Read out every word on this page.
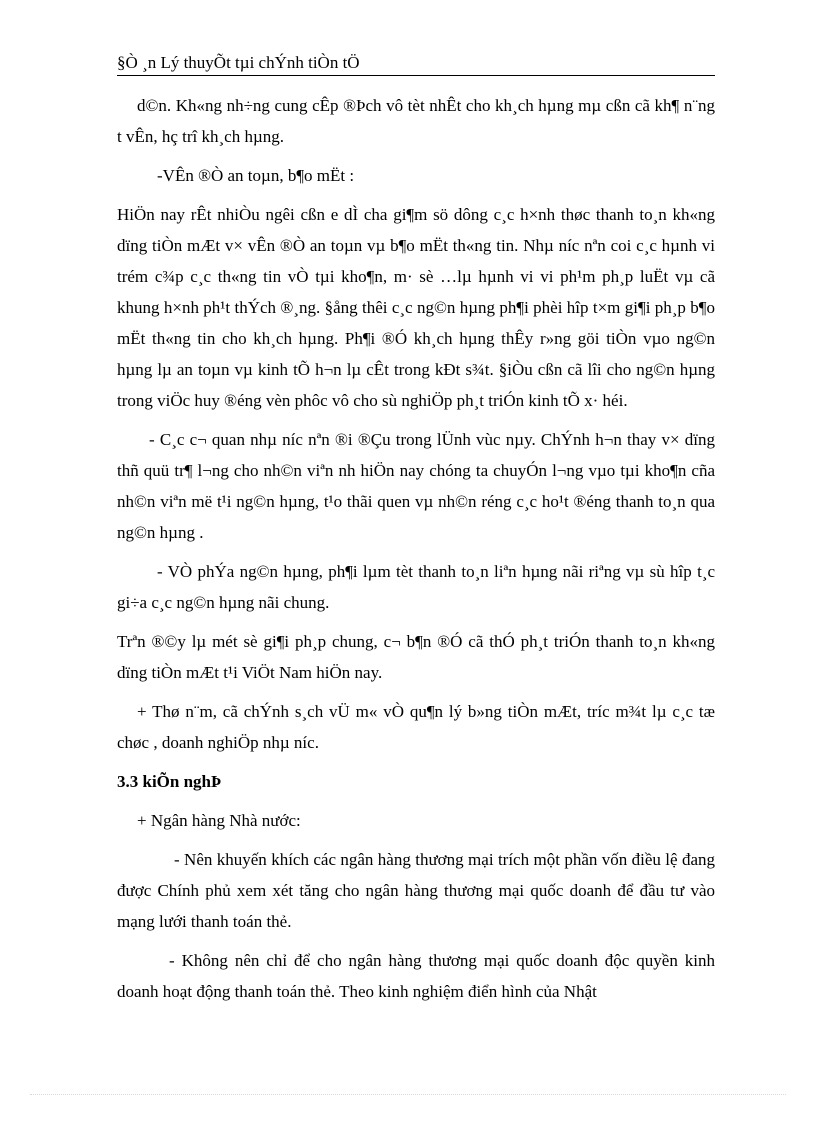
§Ò ¸n Lý thuyÕt tµi chÝnh tiÒn tÖ

d©n. Kh«ng nh÷ng cung cÊp ®Þch vô tèt nhÊt cho kh¸ch hµng mµ cßn cã kh¶ n¨ng t vÊn, hç trî kh¸ch hµng.

-VÊn ®Ò an toµn, b¶o mËt :

HiÖn nay rÊt nhiÒu ngêi cßn e dÌ cha gi¶m sö dông c¸c h×nh thøc thanh to¸n kh«ng dïng tiÒn mÆt v× vÊn ®Ò an toµn vµ b¶o mËt th«ng tin. Nhµ níc nªn coi c¸c hµnh vi trém c¾p c¸c th«ng tin vÒ tµi kho¶n, m· sè …lµ hµnh vi vi ph¹m ph¸p luËt vµ cã khung h×nh ph¹t thÝch ®¸ng. §ång thêi c¸c ng©n hµng ph¶i phèi hîp t×m gi¶i ph¸p b¶o mËt th«ng tin cho kh¸ch hµng. Ph¶i ®Ó kh¸ch hµng thÊy r»ng göi tiÒn vµo ng©n hµng lµ an toµn vµ kinh tÕ h¬n lµ cÊt trong kÐt s¾t. §iÒu cßn cã lîi cho ng©n hµng trong viÖc huy ®éng vèn phôc vô cho sù nghiÖp ph¸t triÓn kinh tÕ x· héi.

- C¸c c¬ quan nhµ níc nªn ®i ®Çu trong lÜnh vùc nµy. ChÝnh h¬n thay v× dïng thñ quü tr¶ l¬ng cho nh©n viªn nh hiÖn nay chóng ta chuyÓn l¬ng vµo tµi kho¶n cña nh©n viªn më t¹i ng©n hµng, t¹o thãi quen vµ nh©n réng c¸c ho¹t ®éng thanh to¸n qua ng©n hµng .

- VÒ phÝa ng©n hµng, ph¶i lµm tèt thanh to¸n liªn hµng nãi riªng vµ sù hîp t¸c gi÷a c¸c ng©n hµng nãi chung.

Trªn ®©y lµ mét sè gi¶i ph¸p chung, c¬ b¶n ®Ó cã thÓ ph¸t triÓn thanh to¸n kh«ng dïng tiÒn mÆt t¹i ViÖt Nam hiÖn nay.

+ Thø n¨m, cã chÝnh s¸ch vÜ m« vÒ qu¶n lý b»ng tiÒn mÆt, tríc m¾t lµ c¸c tæ chøc , doanh nghiÖp nhµ níc.

3.3 kiÕn nghÞ

+ Ngân hàng Nhà nước:

- Nên khuyến khích các ngân hàng thương mại trích một phần vốn điều lệ đang được Chính phủ xem xét tăng cho ngân hàng thương mại quốc doanh để đầu tư vào mạng lưới thanh toán thẻ.

- Không nên chỉ để cho ngân hàng thương mại quốc doanh độc quyền kinh doanh hoạt động thanh toán thẻ. Theo kinh nghiệm điển hình của Nhật
